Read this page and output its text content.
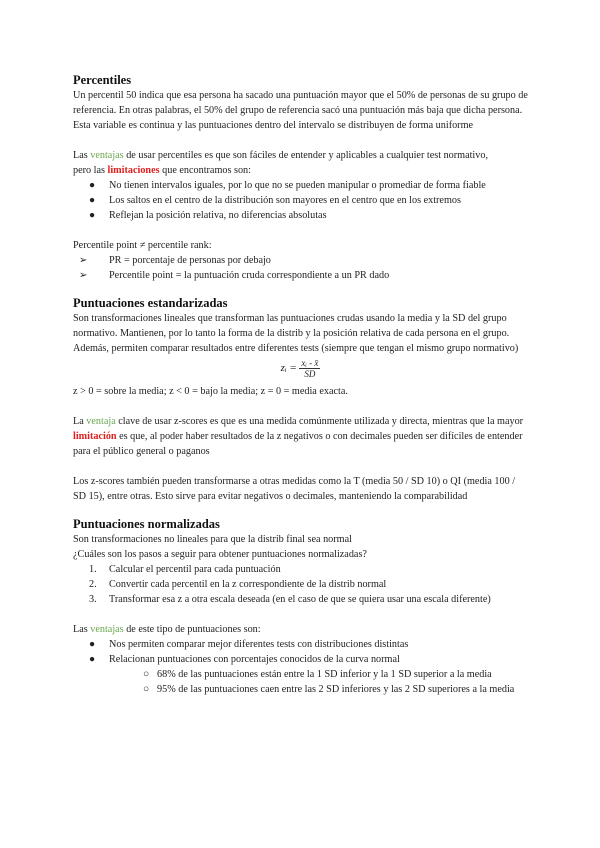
Percentiles

Un percentil 50 indica que esa persona ha sacado una puntuación mayor que el 50% de personas de su grupo de referencia. En otras palabras, el 50% del grupo de referencia sacó una puntuación más baja que dicha persona. Esta variable es continua y las puntuaciones dentro del intervalo se distribuyen de forma uniforme

Las ventajas de usar percentiles es que son fáciles de entender y aplicables a cualquier test normativo,

pero las limitaciones que encontramos son:

● No tienen intervalos iguales, por lo que no se pueden manipular o promediar de forma fiable
● Los saltos en el centro de la distribución son mayores en el centro que en los extremos
● Reflejan la posición relativa, no diferencias absolutas

Percentile point ≠ percentile rank:

➢ PR = porcentaje de personas por debajo
➢ Percentile point = la puntuación cruda correspondiente a un PR dado
Puntuaciones estandarizadas

Son transformaciones lineales que transforman las puntuaciones crudas usando la media y la SD del grupo normativo. Mantienen, por lo tanto la forma de la distrib y la posición relativa de cada persona en el grupo. Además, permiten comparar resultados entre diferentes tests (siempre que tengan el mismo grupo normativo)

zᵢ = $\frac{\text{xᵢ - x̄}}{SD}$

z > 0 = sobre la media; z < 0 = bajo la media; z = 0 = media exacta.

La ventaja clave de usar z-scores es que es una medida comúnmente utilizada y directa, mientras que la mayor limitación es que, al poder haber resultados de la z negativos o con decimales pueden ser difíciles de entender para el público general o paganos

Los z-scores también pueden transformarse a otras medidas como la T (media 50 / SD 10) o QI (media 100 / SD 15), entre otras. Esto sirve para evitar negativos o decimales, manteniendo la comparabilidad

Puntuaciones normalizadas

Son transformaciones no lineales para que la distrib final sea normal

¿Cuáles son los pasos a seguir para obtener puntuaciones normalizadas?

1. Calcular el percentil para cada puntuación
2. Convertir cada percentil en la z correspondiente de la distrib normal
3. Transformar esa z a otra escala deseada (en el caso de que se quiera usar una escala diferente)

Las ventajas de este tipo de puntuaciones son:

● Nos permiten comparar mejor diferentes tests con distribuciones distintas
● Relacionan puntuaciones con porcentajes conocidos de la curva normal
○ 68% de las puntuaciones están entre la 1 SD inferior y la 1 SD superior a la media
○ 95% de las puntuaciones caen entre las 2 SD inferiores y las 2 SD superiores a la media
